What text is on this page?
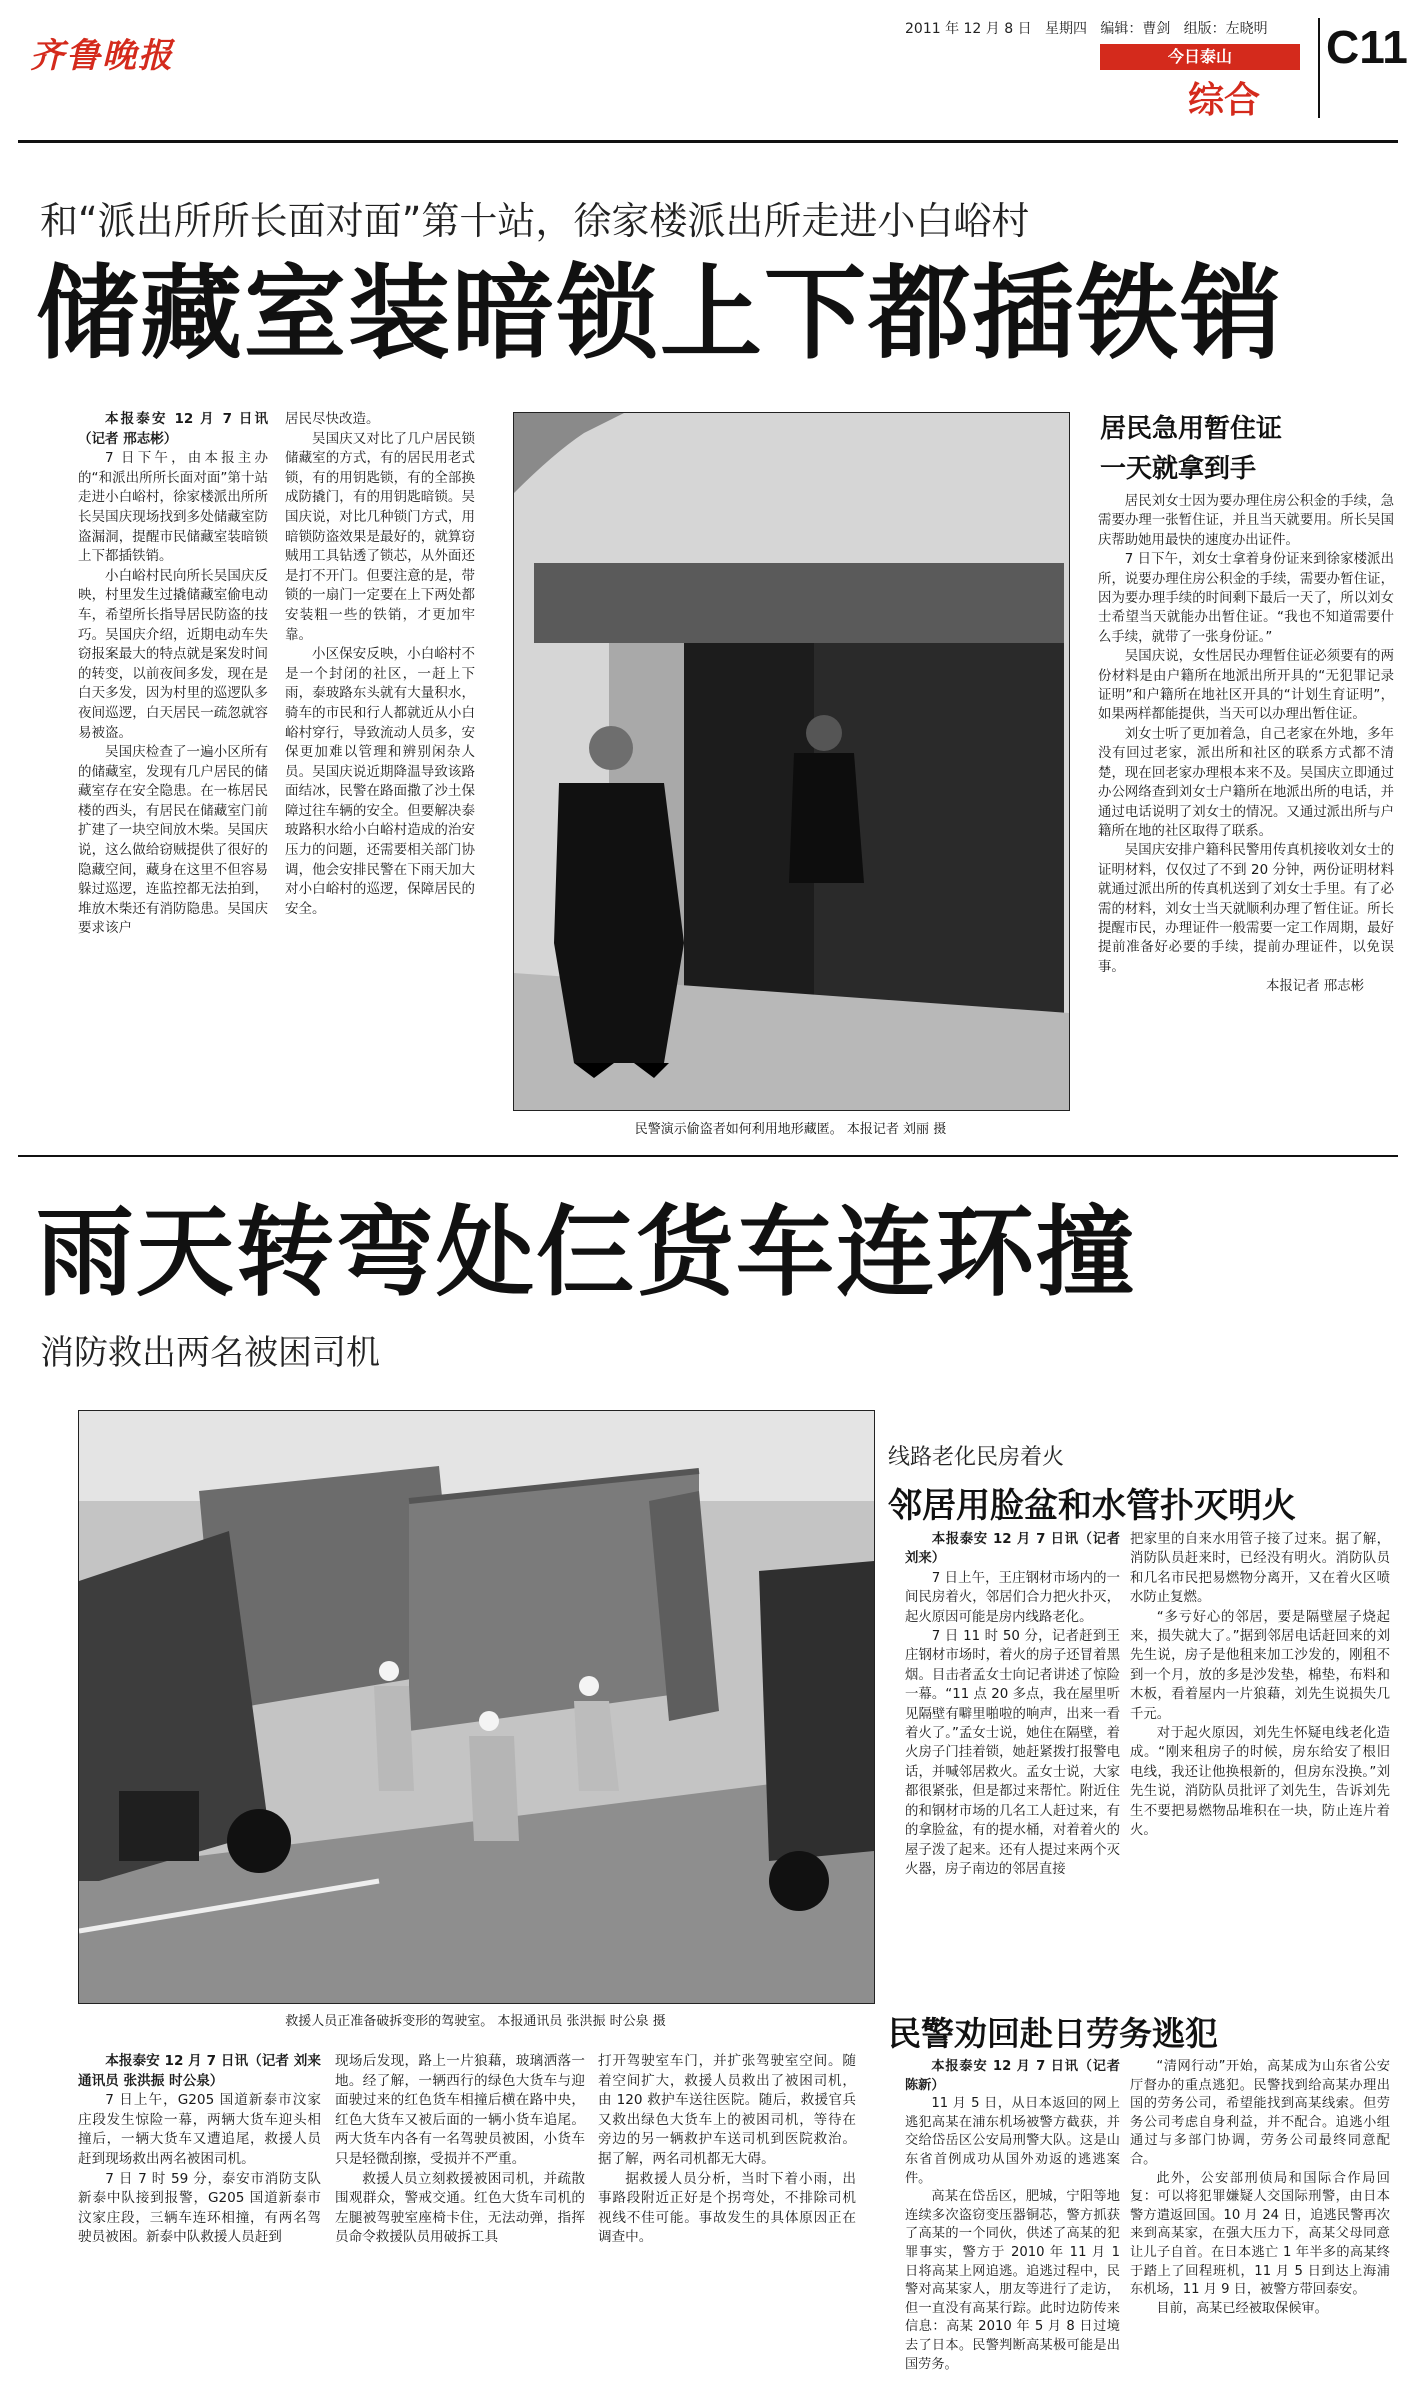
齐鲁晚报
2011 年 12 月 8 日 星期四 编辑：曹剑 组版：左晓明
今日泰山
综合
C11
和“派出所所长面对面”第十站，徐家楼派出所走进小白峪村
储藏室装暗锁上下都插铁销

本报泰安 12 月 7 日讯（记者 邢志彬）

7 日下午，由本报主办的“和派出所所长面对面”第十站走进小白峪村，徐家楼派出所所长吴国庆现场找到多处储藏室防盗漏洞，提醒市民储藏室装暗锁上下都插铁销。

小白峪村民向所长吴国庆反映，村里发生过撬储藏室偷电动车，希望所长指导居民防盗的技巧。吴国庆介绍，近期电动车失窃报案最大的特点就是案发时间的转变，以前夜间多发，现在是白天多发，因为村里的巡逻队多夜间巡逻，白天居民一疏忽就容易被盗。

吴国庆检查了一遍小区所有的储藏室，发现有几户居民的储藏室存在安全隐患。在一栋居民楼的西头，有居民在储藏室门前扩建了一块空间放木柴。吴国庆说，这么做给窃贼提供了很好的隐藏空间，藏身在这里不但容易躲过巡逻，连监控都无法拍到，堆放木柴还有消防隐患。吴国庆要求该户

居民尽快改造。

吴国庆又对比了几户居民锁储藏室的方式，有的居民用老式锁，有的用钥匙锁，有的全部换成防撬门，有的用钥匙暗锁。吴国庆说，对比几种锁门方式，用暗锁防盗效果是最好的，就算窃贼用工具钻透了锁芯，从外面还是打不开门。但要注意的是，带锁的一扇门一定要在上下两处都安装粗一些的铁销，才更加牢靠。

小区保安反映，小白峪村不是一个封闭的社区，一赶上下雨，泰玻路东头就有大量积水，骑车的市民和行人都就近从小白峪村穿行，导致流动人员多，安保更加难以管理和辨别闲杂人员。吴国庆说近期降温导致该路面结冰，民警在路面撒了沙土保障过往车辆的安全。但要解决泰玻路积水给小白峪村造成的治安压力的问题，还需要相关部门协调，他会安排民警在下雨天加大对小白峪村的巡逻，保障居民的安全。

民警演示偷盗者如何利用地形藏匿。 本报记者 刘丽 摄
居民急用暂住证
一天就拿到手

居民刘女士因为要办理住房公积金的手续，急需要办理一张暂住证，并且当天就要用。所长吴国庆帮助她用最快的速度办出证件。

7 日下午，刘女士拿着身份证来到徐家楼派出所，说要办理住房公积金的手续，需要办暂住证，因为要办理手续的时间剩下最后一天了，所以刘女士希望当天就能办出暂住证。“我也不知道需要什么手续，就带了一张身份证。”

吴国庆说，女性居民办理暂住证必须要有的两份材料是由户籍所在地派出所开具的“无犯罪记录证明”和户籍所在地社区开具的“计划生育证明”，如果两样都能提供，当天可以办理出暂住证。

刘女士听了更加着急，自己老家在外地，多年没有回过老家，派出所和社区的联系方式都不清楚，现在回老家办理根本来不及。吴国庆立即通过办公网络查到刘女士户籍所在地派出所的电话，并通过电话说明了刘女士的情况。又通过派出所与户籍所在地的社区取得了联系。

吴国庆安排户籍科民警用传真机接收刘女士的证明材料，仅仅过了不到 20 分钟，两份证明材料就通过派出所的传真机送到了刘女士手里。有了必需的材料，刘女士当天就顺利办理了暂住证。所长提醒市民，办理证件一般需要一定工作周期，最好提前准备好必要的手续，提前办理证件，以免误事。

本报记者 邢志彬
雨天转弯处仨货车连环撞
消防救出两名被困司机
救援人员正准备破拆变形的驾驶室。 本报通讯员 张洪振 时公泉 摄

本报泰安 12 月 7 日讯（记者 刘来 通讯员 张洪振 时公泉）

7 日上午，G205 国道新泰市汶家庄段发生惊险一幕，两辆大货车迎头相撞后，一辆大货车又遭追尾，救援人员赶到现场救出两名被困司机。

7 日 7 时 59 分，泰安市消防支队新泰中队接到报警，G205 国道新泰市汶家庄段，三辆车连环相撞，有两名驾驶员被困。新泰中队救援人员赶到

现场后发现，路上一片狼藉，玻璃洒落一地。经了解，一辆西行的绿色大货车与迎面驶过来的红色货车相撞后横在路中央，红色大货车又被后面的一辆小货车追尾。两大货车内各有一名驾驶员被困，小货车只是轻微刮擦，受损并不严重。

救援人员立刻救援被困司机，并疏散围观群众，警戒交通。红色大货车司机的左腿被驾驶室座椅卡住，无法动弹，指挥员命令救援队员用破拆工具

打开驾驶室车门，并扩张驾驶室空间。随着空间扩大，救援人员救出了被困司机，由 120 救护车送往医院。随后，救援官兵又救出绿色大货车上的被困司机，等待在旁边的另一辆救护车送司机到医院救治。据了解，两名司机都无大碍。

据救援人员分析，当时下着小雨，出事路段附近正好是个拐弯处，不排除司机视线不佳可能。事故发生的具体原因正在调查中。

线路老化民房着火
邻居用脸盆和水管扑灭明火

本报泰安 12 月 7 日讯（记者 刘来）

7 日上午，王庄钢材市场内的一间民房着火，邻居们合力把火扑灭，起火原因可能是房内线路老化。

7 日 11 时 50 分，记者赶到王庄钢材市场时，着火的房子还冒着黑烟。目击者孟女士向记者讲述了惊险一幕。“11 点 20 多点，我在屋里听见隔壁有噼里啪啦的响声，出来一看着火了。”孟女士说，她住在隔壁，着火房子门挂着锁，她赶紧拨打报警电话，并喊邻居救火。孟女士说，大家都很紧张，但是都过来帮忙。附近住的和钢材市场的几名工人赶过来，有的拿脸盆，有的提水桶，对着着火的屋子泼了起来。还有人提过来两个灭火器，房子南边的邻居直接

把家里的自来水用管子接了过来。据了解，消防队员赶来时，已经没有明火。消防队员和几名市民把易燃物分离开，又在着火区喷水防止复燃。

“多亏好心的邻居，要是隔壁屋子烧起来，损失就大了。”据到邻居电话赶回来的刘先生说，房子是他租来加工沙发的，刚租不到一个月，放的多是沙发垫，棉垫，布料和木板，看着屋内一片狼藉，刘先生说损失几千元。

对于起火原因，刘先生怀疑电线老化造成。“刚来租房子的时候，房东给安了根旧电线，我还让他换根新的，但房东没换。”刘先生说，消防队员批评了刘先生，告诉刘先生不要把易燃物品堆积在一块，防止连片着火。

民警劝回赴日劳务逃犯

本报泰安 12 月 7 日讯（记者 陈新）

11 月 5 日，从日本返回的网上逃犯高某在浦东机场被警方截获，并交给岱岳区公安局刑警大队。这是山东省首例成功从国外劝返的逃逃案件。

高某在岱岳区，肥城，宁阳等地连续多次盗窃变压器铜芯，警方抓获了高某的一个同伙，供述了高某的犯罪事实，警方于 2010 年 11 月 1 日将高某上网追逃。追逃过程中，民警对高某家人，朋友等进行了走访，但一直没有高某行踪。此时边防传来信息：高某 2010 年 5 月 8 日过境去了日本。民警判断高某极可能是出国劳务。

“清网行动”开始，高某成为山东省公安厅督办的重点逃犯。民警找到给高某办理出国的劳务公司，希望能找到高某线索。但劳务公司考虑自身利益，并不配合。追逃小组通过与多部门协调，劳务公司最终同意配合。

此外，公安部刑侦局和国际合作局回复：可以将犯罪嫌疑人交国际刑警，由日本警方遣返回国。10 月 24 日，追逃民警再次来到高某家，在强大压力下，高某父母同意让儿子自首。在日本逃亡 1 年半多的高某终于踏上了回程班机，11 月 5 日到达上海浦东机场，11 月 9 日，被警方带回泰安。

目前，高某已经被取保候审。
